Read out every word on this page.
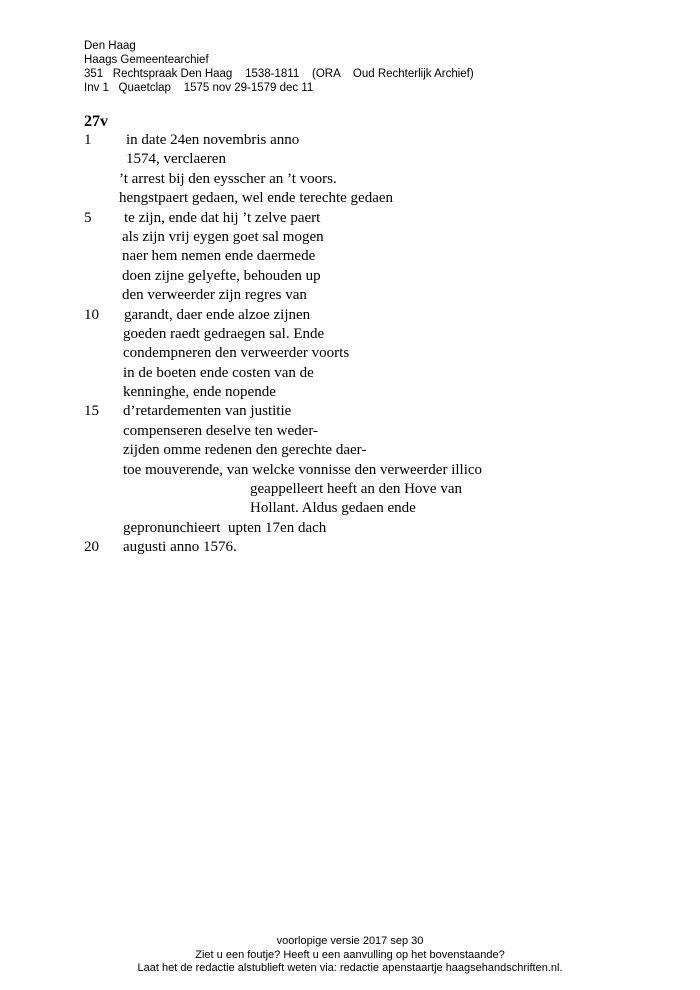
Den Haag
Haags Gemeentearchief
351   Rechtspraak Den Haag    1538-1811    (ORA    Oud Rechterlijk Archief)
Inv 1   Quaetclap    1575 nov 29-1579 dec 11
27v
1 in date 24en novembris anno
1574, verclaeren
’t arrest bij den eysscher an ’t voors.
hengstpaert gedaen, wel ende terechte gedaen
5 te zijn, ende dat hij ’t zelve paert
als zijn vrij eygen goet sal mogen
naer hem nemen ende daermede
doen zijne gelyefte, behouden up
den verweerder zijn regres van
10 garandt, daer ende alzoe zijnen
goeden raedt gedraegen sal. Ende
condempneren den verweerder voorts
in de boeten ende costen van de
kenninghe, ende nopende
15 d’retardementen van justitie
compenseren deselve ten weder-
zijden omme redenen den gerechte daer-
toe mouverende, van welcke vonnisse den verweerder illico
geappelleert heeft an den Hove van
Hollant. Aldus gedaen ende
gepronunchieert  upten 17en dach
20 augusti anno 1576.
voorlopige versie 2017 sep 30
Ziet u een foutje? Heeft u een aanvulling op het bovenstaande?
Laat het de redactie alstublieft weten via: redactie apenstaartje haagsehandschriften.nl.
